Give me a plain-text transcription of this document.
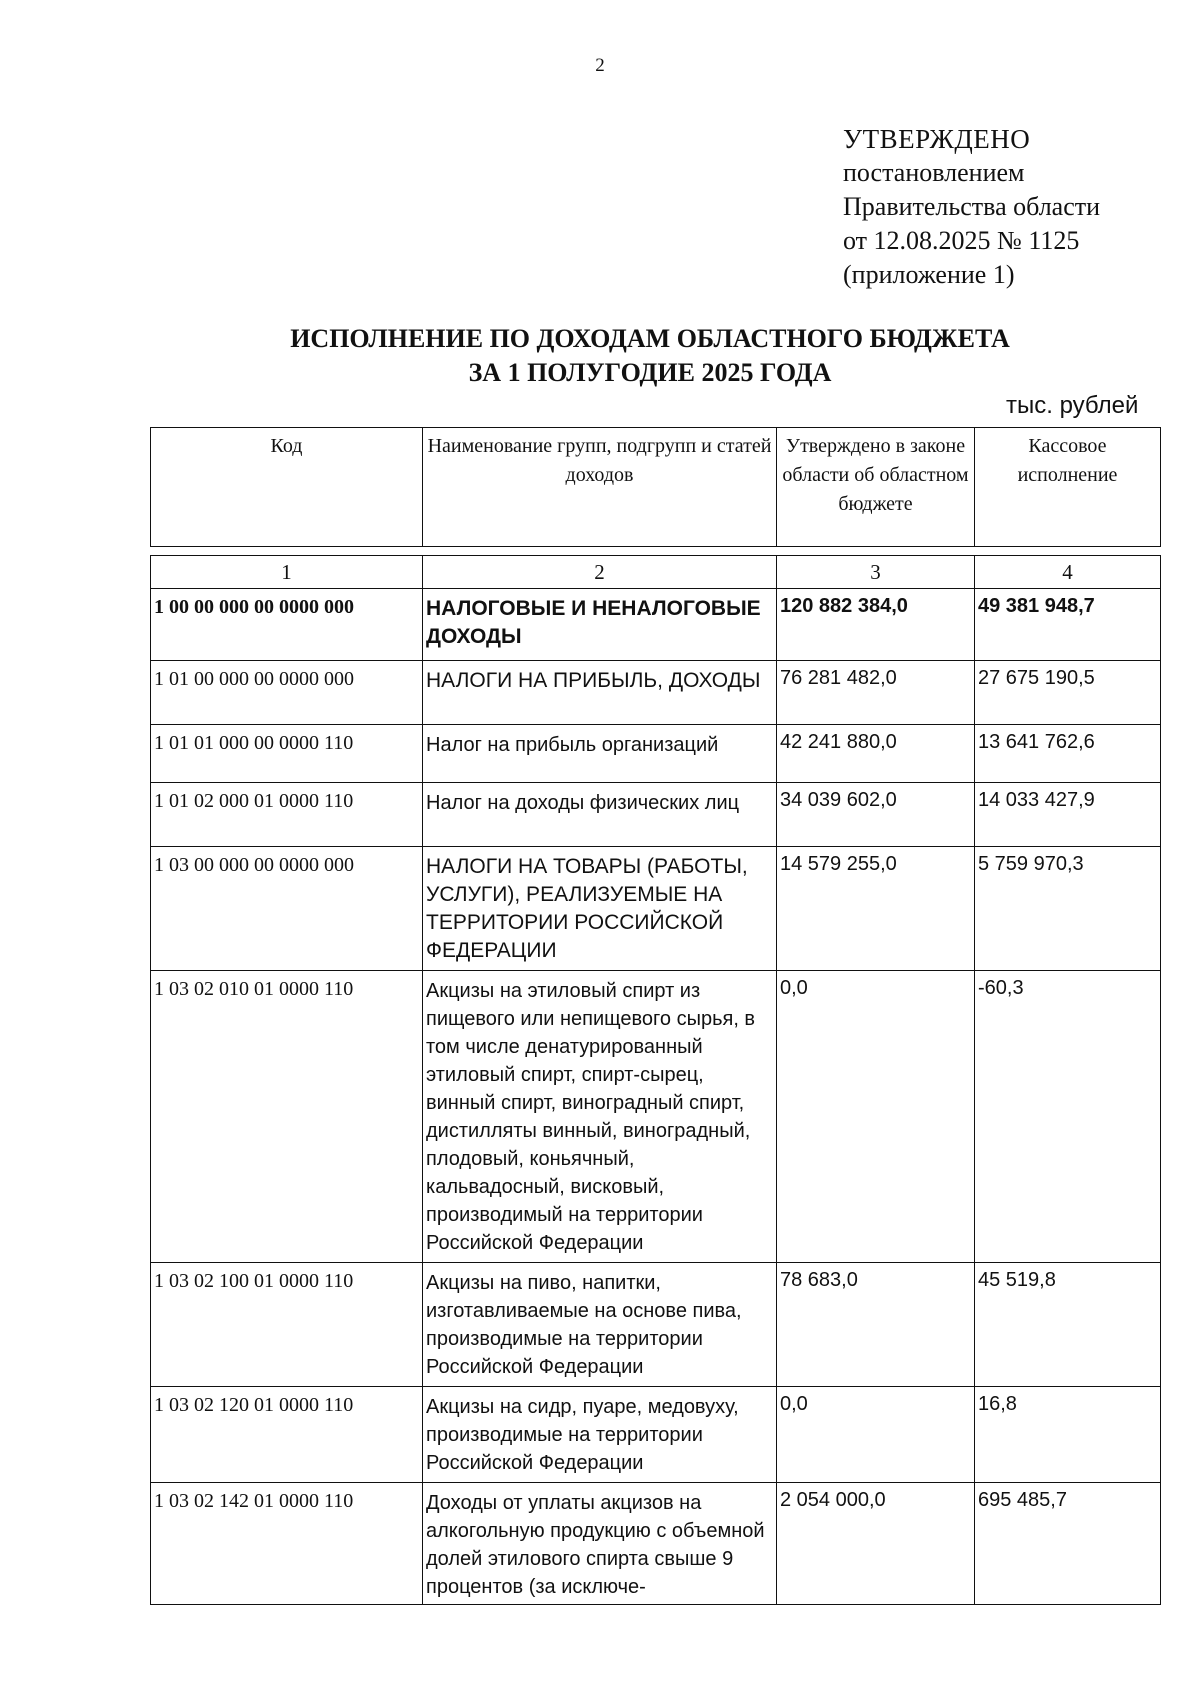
2
УТВЕРЖДЕНО
постановлением
Правительства области
от 12.08.2025 № 1125
(приложение 1)
ИСПОЛНЕНИЕ ПО ДОХОДАМ ОБЛАСТНОГО БЮДЖЕТА
ЗА 1 ПОЛУГОДИЕ 2025 ГОДА
тыс. рублей
Код	Наименование групп, подгрупп и статей доходов	Утверждено в законе области об областном бюджете	Кассовое исполнение
1	2	3	4
1 00 00 000 00 0000 000	НАЛОГОВЫЕ И НЕНАЛОГОВЫЕ ДОХОДЫ	120 882 384,0	49 381 948,7
1 01 00 000 00 0000 000	НАЛОГИ НА ПРИБЫЛЬ, ДОХОДЫ	76 281 482,0	27 675 190,5
1 01 01 000 00 0000 110	Налог на прибыль организаций	42 241 880,0	13 641 762,6
1 01 02 000 01 0000 110	Налог на доходы физических лиц	34 039 602,0	14 033 427,9
1 03 00 000 00 0000 000	НАЛОГИ НА ТОВАРЫ (РАБОТЫ, УСЛУГИ), РЕАЛИЗУЕМЫЕ НА ТЕРРИТОРИИ РОССИЙСКОЙ ФЕДЕРАЦИИ	14 579 255,0	5 759 970,3
1 03 02 010 01 0000 110	Акцизы на этиловый спирт из пищевого или непищевого сырья, в том числе денатурированный этиловый спирт, спирт-сырец, винный спирт, виноградный спирт, дистилляты винный, виноградный, плодовый, коньячный, кальвадосный, висковый, производимый на территории Российской Федерации	0,0	-60,3
1 03 02 100 01 0000 110	Акцизы на пиво, напитки, изготавливаемые на основе пива, производимые на территории Российской Федерации	78 683,0	45 519,8
1 03 02 120 01 0000 110	Акцизы на сидр, пуаре, медовуху, производимые на территории Российской Федерации	0,0	16,8
1 03 02 142 01 0000 110	Доходы от уплаты акцизов на алкогольную продукцию с объемной долей этилового спирта свыше 9 процентов (за исключе-	2 054 000,0	695 485,7
